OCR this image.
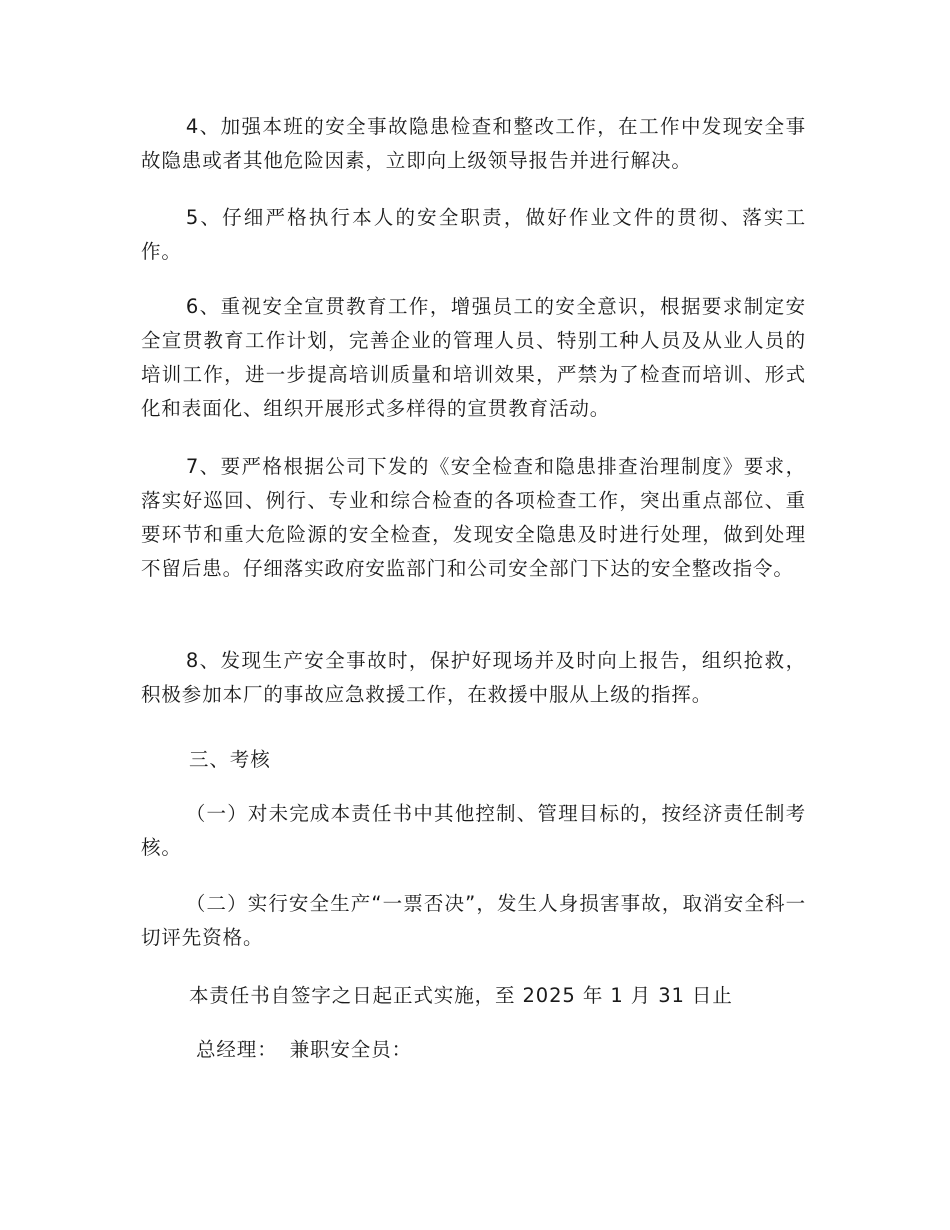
4、加强本班的安全事故隐患检查和整改工作，在工作中发现安全事故隐患或者其他危险因素，立即向上级领导报告并进行解决。

5、仔细严格执行本人的安全职责，做好作业文件的贯彻、落实工作。

6、重视安全宣贯教育工作，增强员工的安全意识，根据要求制定安全宣贯教育工作计划，完善企业的管理人员、特别工种人员及从业人员的培训工作，进一步提高培训质量和培训效果，严禁为了检查而培训、形式化和表面化、组织开展形式多样得的宣贯教育活动。

7、要严格根据公司下发的《安全检查和隐患排查治理制度》要求，落实好巡回、例行、专业和综合检查的各项检查工作，突出重点部位、重要环节和重大危险源的安全检查，发现安全隐患及时进行处理，做到处理不留后患。仔细落实政府安监部门和公司安全部门下达的安全整改指令。

8、发现生产安全事故时，保护好现场并及时向上报告，组织抢救，积极参加本厂的事故应急救援工作，在救援中服从上级的指挥。

三、考核

（一）对未完成本责任书中其他控制、管理目标的，按经济责任制考核。

（二）实行安全生产“一票否决”，发生人身损害事故，取消安全科一切评先资格。

本责任书自签字之日起正式实施，至 2025 年 1 月 31 日止

总经理： 兼职安全员：
